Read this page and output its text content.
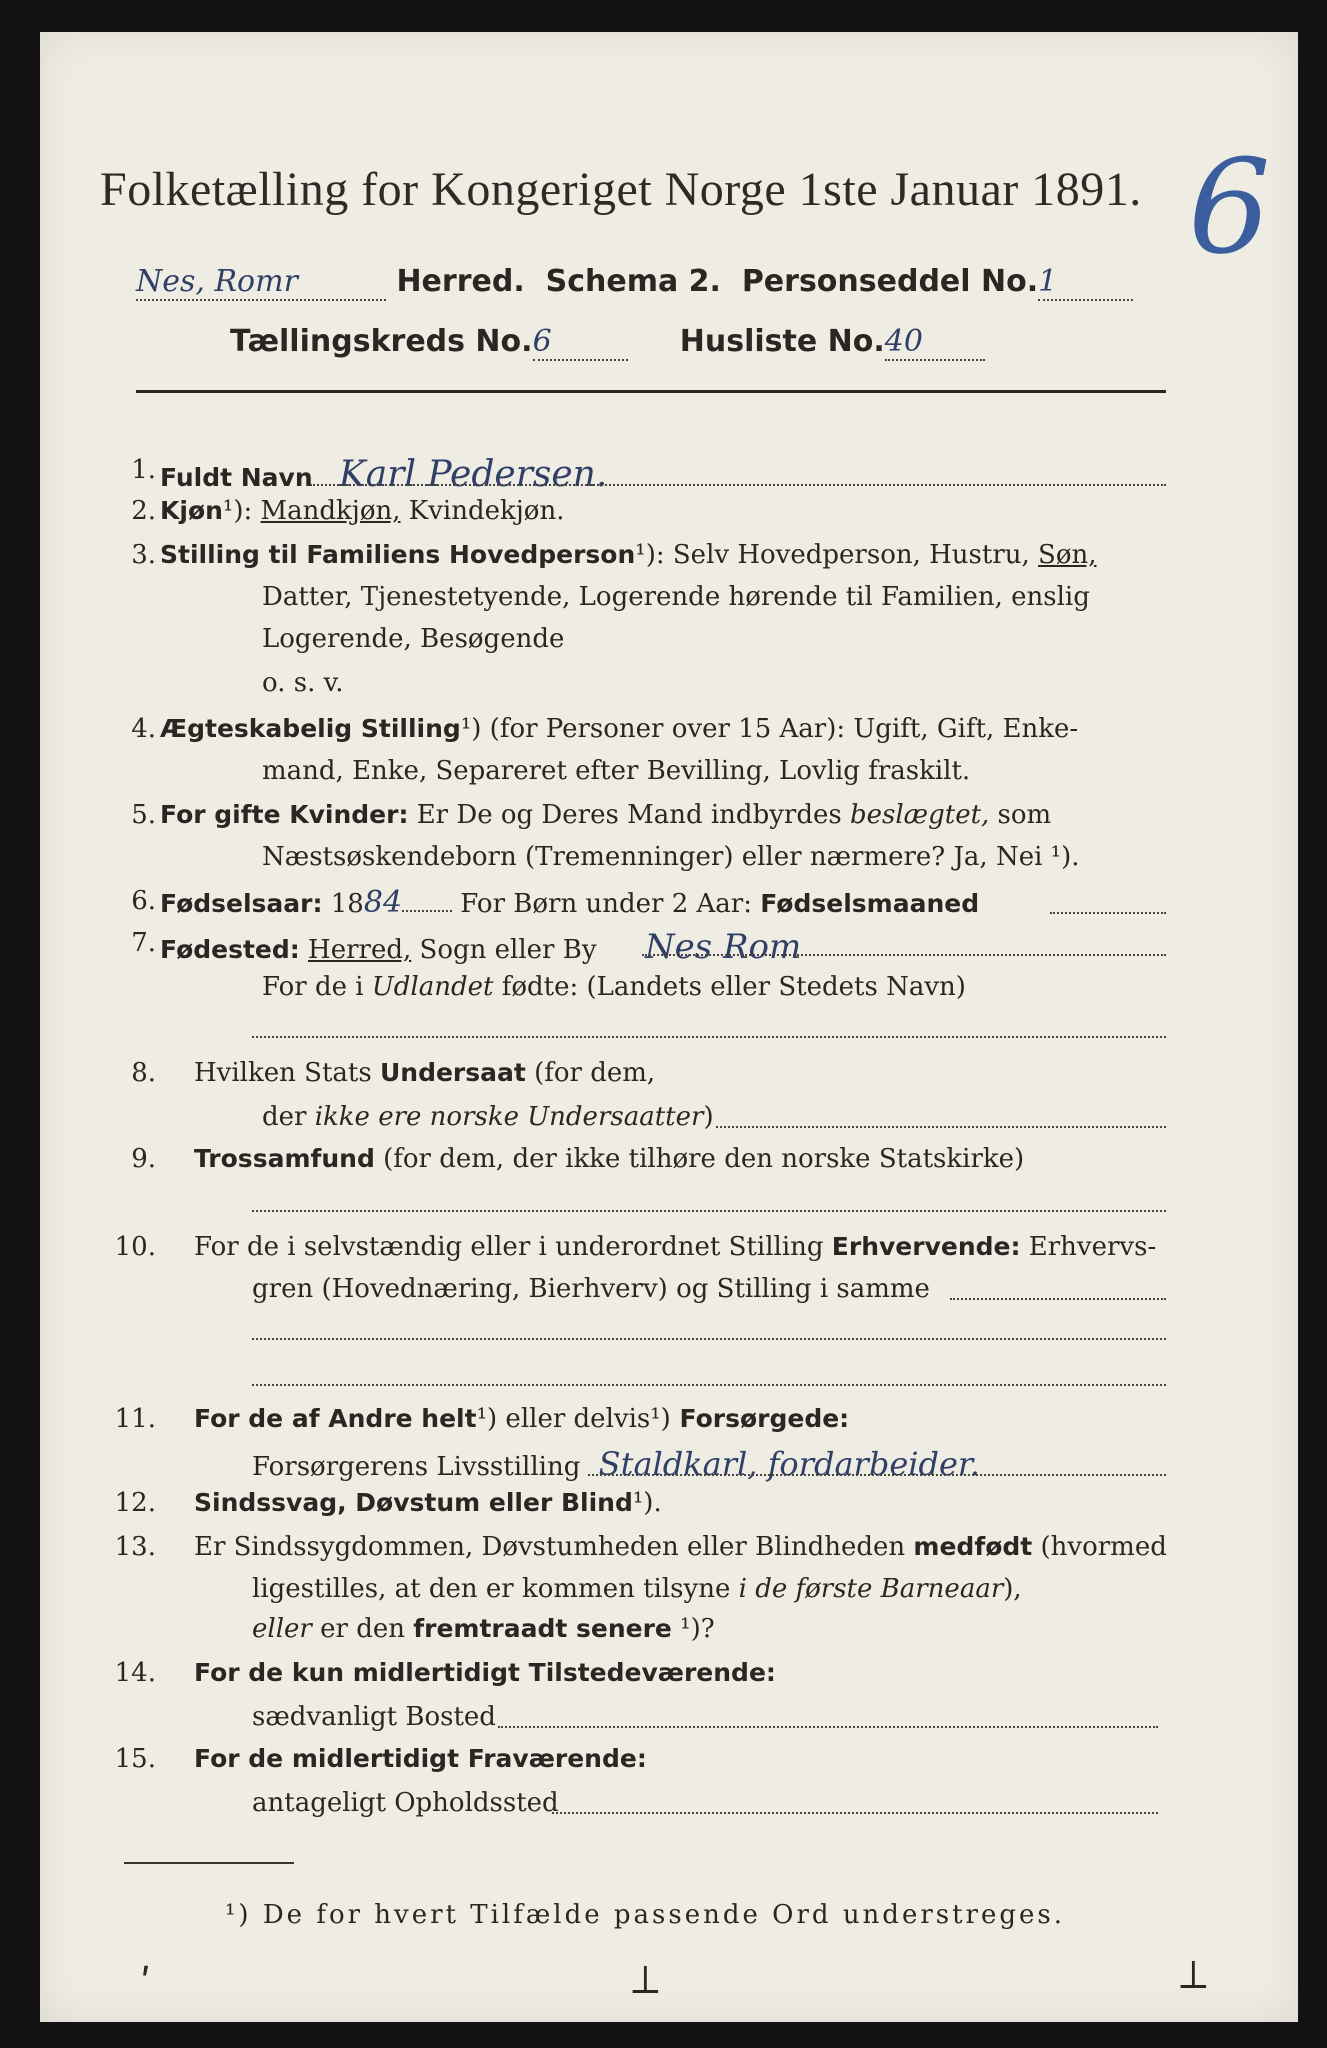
Folketælling for Kongeriget Norge 1ste Januar 1891. 6
Nes, Romr	Herred. Schema 2. Personseddel No.1
Tællingskreds No.6	Husliste No.40
1. Fuldt Navn Karl Pedersen.
2. Kjøn¹): Mandkjøn, Kvindekjøn.
3. Stilling til Familiens Hovedperson¹): Selv Hovedperson, Hustru, Søn,
Datter, Tjenestetyende, Logerende hørende til Familien, enslig
Logerende, Besøgende
o. s. v.
4. Ægteskabelig Stilling¹) (for Personer over 15 Aar): Ugift, Gift, Enke-
mand, Enke, Separeret efter Bevilling, Lovlig fraskilt.
5. For gifte Kvinder: Er De og Deres Mand indbyrdes beslægtet, som
Næstsøskendeborn (Tremenninger) eller nærmere? Ja, Nei ¹).
6. Fødselsaar: 1884 For Børn under 2 Aar: Fødselsmaaned
7. Fødested: Herred, Sogn eller By Nes Rom
For de i Udlandet fødte: (Landets eller Stedets Navn)
8. Hvilken Stats Undersaat (for dem,
der ikke ere norske Undersaatter)
9. Trossamfund (for dem, der ikke tilhøre den norske Statskirke)
10. For de i selvstændig eller i underordnet Stilling Erhvervende: Erhvervs-
gren (Hovednæring, Bierhverv) og Stilling i samme
11. For de af Andre helt¹) eller delvis¹) Forsørgede:
Forsørgerens Livsstilling Staldkarl, fordarbeider.
12. Sindssvag, Døvstum eller Blind¹).
13. Er Sindssygdommen, Døvstumheden eller Blindheden medfødt (hvormed
ligestilles, at den er kommen tilsyne i de første Barneaar),
eller er den fremtraadt senere ¹)?
14. For de kun midlertidigt Tilstedeværende:
sædvanligt Bosted
15. For de midlertidigt Fraværende:
antageligt Opholdssted
¹) De for hvert Tilfælde passende Ord understreges.
ʹ	⟂	⟂
